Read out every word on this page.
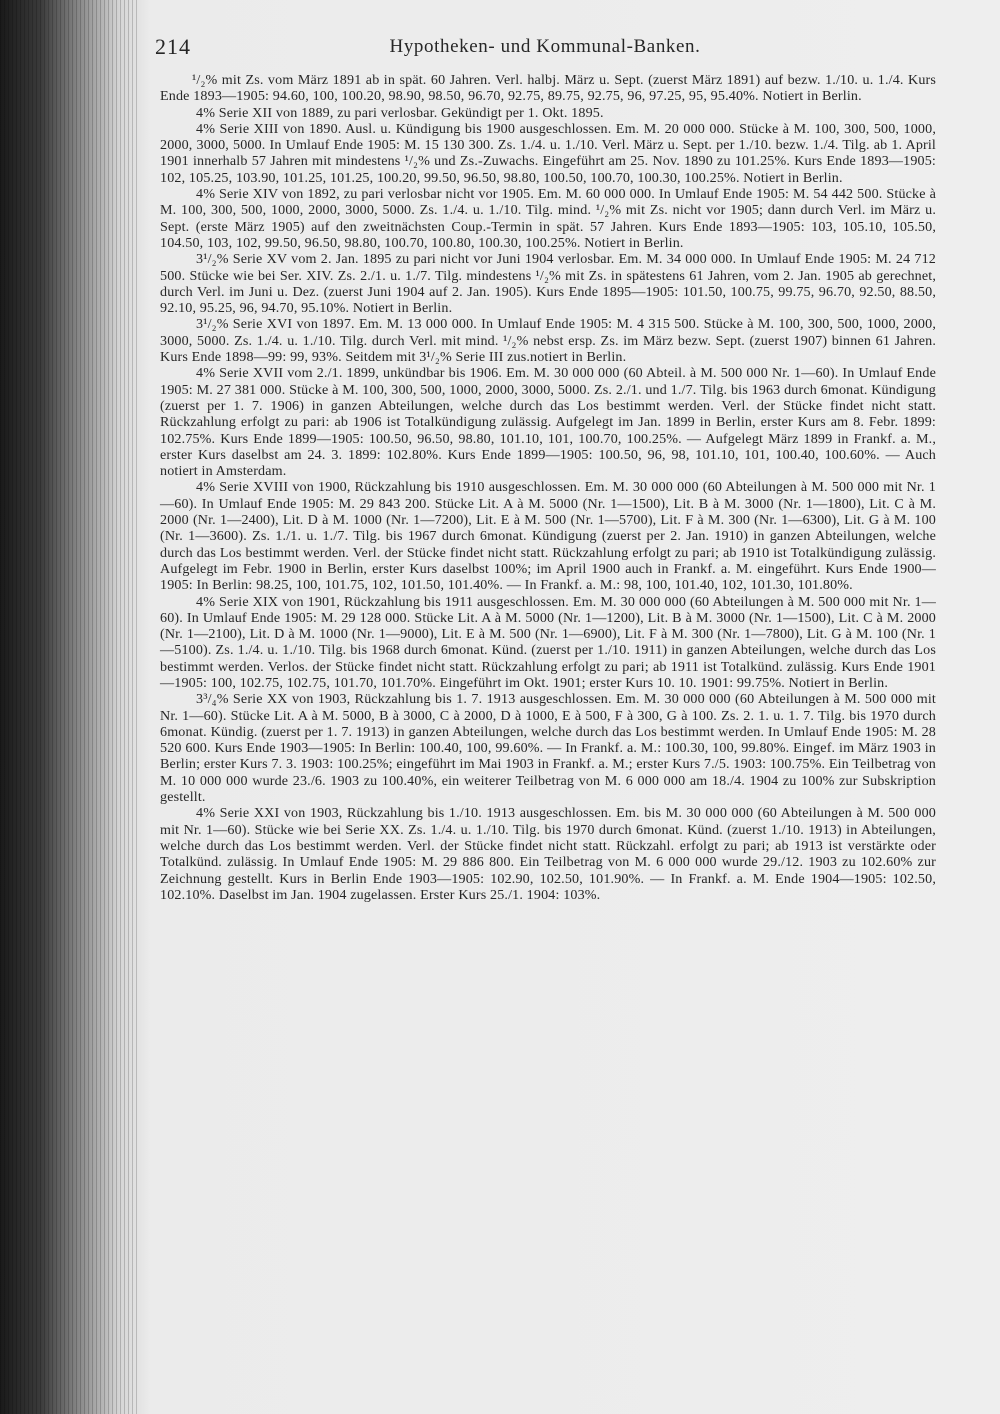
214	Hypotheken- und Kommunal-Banken.

¹/₂% mit Zs. vom März 1891 ab in spät. 60 Jahren. Verl. halbj. März u. Sept. (zuerst März 1891) auf bezw. 1./10. u. 1./4. Kurs Ende 1893—1905: 94.60, 100, 100.20, 98.90, 98.50, 96.70, 92.75, 89.75, 92.75, 96, 97.25, 95, 95.40%. Notiert in Berlin.

4% Serie XII von 1889, zu pari verlosbar. Gekündigt per 1. Okt. 1895.

4% Serie XIII von 1890. Ausl. u. Kündigung bis 1900 ausgeschlossen. Em. M. 20 000 000. Stücke à M. 100, 300, 500, 1000, 2000, 3000, 5000. In Umlauf Ende 1905: M. 15 130 300. Zs. 1./4. u. 1./10. Verl. März u. Sept. per 1./10. bezw. 1./4. Tilg. ab 1. April 1901 innerhalb 57 Jahren mit mindestens ¹/₂% und Zs.-Zuwachs. Eingeführt am 25. Nov. 1890 zu 101.25%. Kurs Ende 1893—1905: 102, 105.25, 103.90, 101.25, 101.25, 100.20, 99.50, 96.50, 98.80, 100.50, 100.70, 100.30, 100.25%. Notiert in Berlin.

4% Serie XIV von 1892, zu pari verlosbar nicht vor 1905. Em. M. 60 000 000. In Umlauf Ende 1905: M. 54 442 500. Stücke à M. 100, 300, 500, 1000, 2000, 3000, 5000. Zs. 1./4. u. 1./10. Tilg. mind. ¹/₂% mit Zs. nicht vor 1905; dann durch Verl. im März u. Sept. (erste März 1905) auf den zweitnächsten Coup.-Termin in spät. 57 Jahren. Kurs Ende 1893—1905: 103, 105.10, 105.50, 104.50, 103, 102, 99.50, 96.50, 98.80, 100.70, 100.80, 100.30, 100.25%. Notiert in Berlin.

3¹/₂% Serie XV vom 2. Jan. 1895 zu pari nicht vor Juni 1904 verlosbar. Em. M. 34 000 000. In Umlauf Ende 1905: M. 24 712 500. Stücke wie bei Ser. XIV. Zs. 2./1. u. 1./7. Tilg. mindestens ¹/₂% mit Zs. in spätestens 61 Jahren, vom 2. Jan. 1905 ab gerechnet, durch Verl. im Juni u. Dez. (zuerst Juni 1904 auf 2. Jan. 1905). Kurs Ende 1895—1905: 101.50, 100.75, 99.75, 96.70, 92.50, 88.50, 92.10, 95.25, 96, 94.70, 95.10%. Notiert in Berlin.

3¹/₂% Serie XVI von 1897. Em. M. 13 000 000. In Umlauf Ende 1905: M. 4 315 500. Stücke à M. 100, 300, 500, 1000, 2000, 3000, 5000. Zs. 1./4. u. 1./10. Tilg. durch Verl. mit mind. ¹/₂% nebst ersp. Zs. im März bezw. Sept. (zuerst 1907) binnen 61 Jahren. Kurs Ende 1898—99: 99, 93%. Seitdem mit 3¹/₂% Serie III zus.notiert in Berlin.

4% Serie XVII vom 2./1. 1899, unkündbar bis 1906. Em. M. 30 000 000 (60 Abteil. à M. 500 000 Nr. 1—60). In Umlauf Ende 1905: M. 27 381 000. Stücke à M. 100, 300, 500, 1000, 2000, 3000, 5000. Zs. 2./1. und 1./7. Tilg. bis 1963 durch 6monat. Kündigung (zuerst per 1. 7. 1906) in ganzen Abteilungen, welche durch das Los bestimmt werden. Verl. der Stücke findet nicht statt. Rückzahlung erfolgt zu pari: ab 1906 ist Totalkündigung zulässig. Aufgelegt im Jan. 1899 in Berlin, erster Kurs am 8. Febr. 1899: 102.75%. Kurs Ende 1899—1905: 100.50, 96.50, 98.80, 101.10, 101, 100.70, 100.25%. — Aufgelegt März 1899 in Frankf. a. M., erster Kurs daselbst am 24. 3. 1899: 102.80%. Kurs Ende 1899—1905: 100.50, 96, 98, 101.10, 101, 100.40, 100.60%. — Auch notiert in Amsterdam.

4% Serie XVIII von 1900, Rückzahlung bis 1910 ausgeschlossen. Em. M. 30 000 000 (60 Abteilungen à M. 500 000 mit Nr. 1—60). In Umlauf Ende 1905: M. 29 843 200. Stücke Lit. A à M. 5000 (Nr. 1—1500), Lit. B à M. 3000 (Nr. 1—1800), Lit. C à M. 2000 (Nr. 1—2400), Lit. D à M. 1000 (Nr. 1—7200), Lit. E à M. 500 (Nr. 1—5700), Lit. F à M. 300 (Nr. 1—6300), Lit. G à M. 100 (Nr. 1—3600). Zs. 1./1. u. 1./7. Tilg. bis 1967 durch 6monat. Kündigung (zuerst per 2. Jan. 1910) in ganzen Abteilungen, welche durch das Los bestimmt werden. Verl. der Stücke findet nicht statt. Rückzahlung erfolgt zu pari; ab 1910 ist Totalkündigung zulässig. Aufgelegt im Febr. 1900 in Berlin, erster Kurs daselbst 100%; im April 1900 auch in Frankf. a. M. eingeführt. Kurs Ende 1900—1905: In Berlin: 98.25, 100, 101.75, 102, 101.50, 101.40%. — In Frankf. a. M.: 98, 100, 101.40, 102, 101.30, 101.80%.

4% Serie XIX von 1901, Rückzahlung bis 1911 ausgeschlossen. Em. M. 30 000 000 (60 Abteilungen à M. 500 000 mit Nr. 1—60). In Umlauf Ende 1905: M. 29 128 000. Stücke Lit. A à M. 5000 (Nr. 1—1200), Lit. B à M. 3000 (Nr. 1—1500), Lit. C à M. 2000 (Nr. 1—2100), Lit. D à M. 1000 (Nr. 1—9000), Lit. E à M. 500 (Nr. 1—6900), Lit. F à M. 300 (Nr. 1—7800), Lit. G à M. 100 (Nr. 1—5100). Zs. 1./4. u. 1./10. Tilg. bis 1968 durch 6monat. Künd. (zuerst per 1./10. 1911) in ganzen Abteilungen, welche durch das Los bestimmt werden. Verlos. der Stücke findet nicht statt. Rückzahlung erfolgt zu pari; ab 1911 ist Totalkünd. zulässig. Kurs Ende 1901—1905: 100, 102.75, 102.75, 101.70, 101.70%. Eingeführt im Okt. 1901; erster Kurs 10. 10. 1901: 99.75%. Notiert in Berlin.

3³/₄% Serie XX von 1903, Rückzahlung bis 1. 7. 1913 ausgeschlossen. Em. M. 30 000 000 (60 Abteilungen à M. 500 000 mit Nr. 1—60). Stücke Lit. A à M. 5000, B à 3000, C à 2000, D à 1000, E à 500, F à 300, G à 100. Zs. 2. 1. u. 1. 7. Tilg. bis 1970 durch 6monat. Kündig. (zuerst per 1. 7. 1913) in ganzen Abteilungen, welche durch das Los bestimmt werden. In Umlauf Ende 1905: M. 28 520 600. Kurs Ende 1903—1905: In Berlin: 100.40, 100, 99.60%. — In Frankf. a. M.: 100.30, 100, 99.80%. Eingef. im März 1903 in Berlin; erster Kurs 7. 3. 1903: 100.25%; eingeführt im Mai 1903 in Frankf. a. M.; erster Kurs 7./5. 1903: 100.75%. Ein Teilbetrag von M. 10 000 000 wurde 23./6. 1903 zu 100.40%, ein weiterer Teilbetrag von M. 6 000 000 am 18./4. 1904 zu 100% zur Subskription gestellt.

4% Serie XXI von 1903, Rückzahlung bis 1./10. 1913 ausgeschlossen. Em. bis M. 30 000 000 (60 Abteilungen à M. 500 000 mit Nr. 1—60). Stücke wie bei Serie XX. Zs. 1./4. u. 1./10. Tilg. bis 1970 durch 6monat. Künd. (zuerst 1./10. 1913) in Abteilungen, welche durch das Los bestimmt werden. Verl. der Stücke findet nicht statt. Rückzahl. erfolgt zu pari; ab 1913 ist verstärkte oder Totalkünd. zulässig. In Umlauf Ende 1905: M. 29 886 800. Ein Teilbetrag von M. 6 000 000 wurde 29./12. 1903 zu 102.60% zur Zeichnung gestellt. Kurs in Berlin Ende 1903—1905: 102.90, 102.50, 101.90%. — In Frankf. a. M. Ende 1904—1905: 102.50, 102.10%. Daselbst im Jan. 1904 zugelassen. Erster Kurs 25./1. 1904: 103%.
